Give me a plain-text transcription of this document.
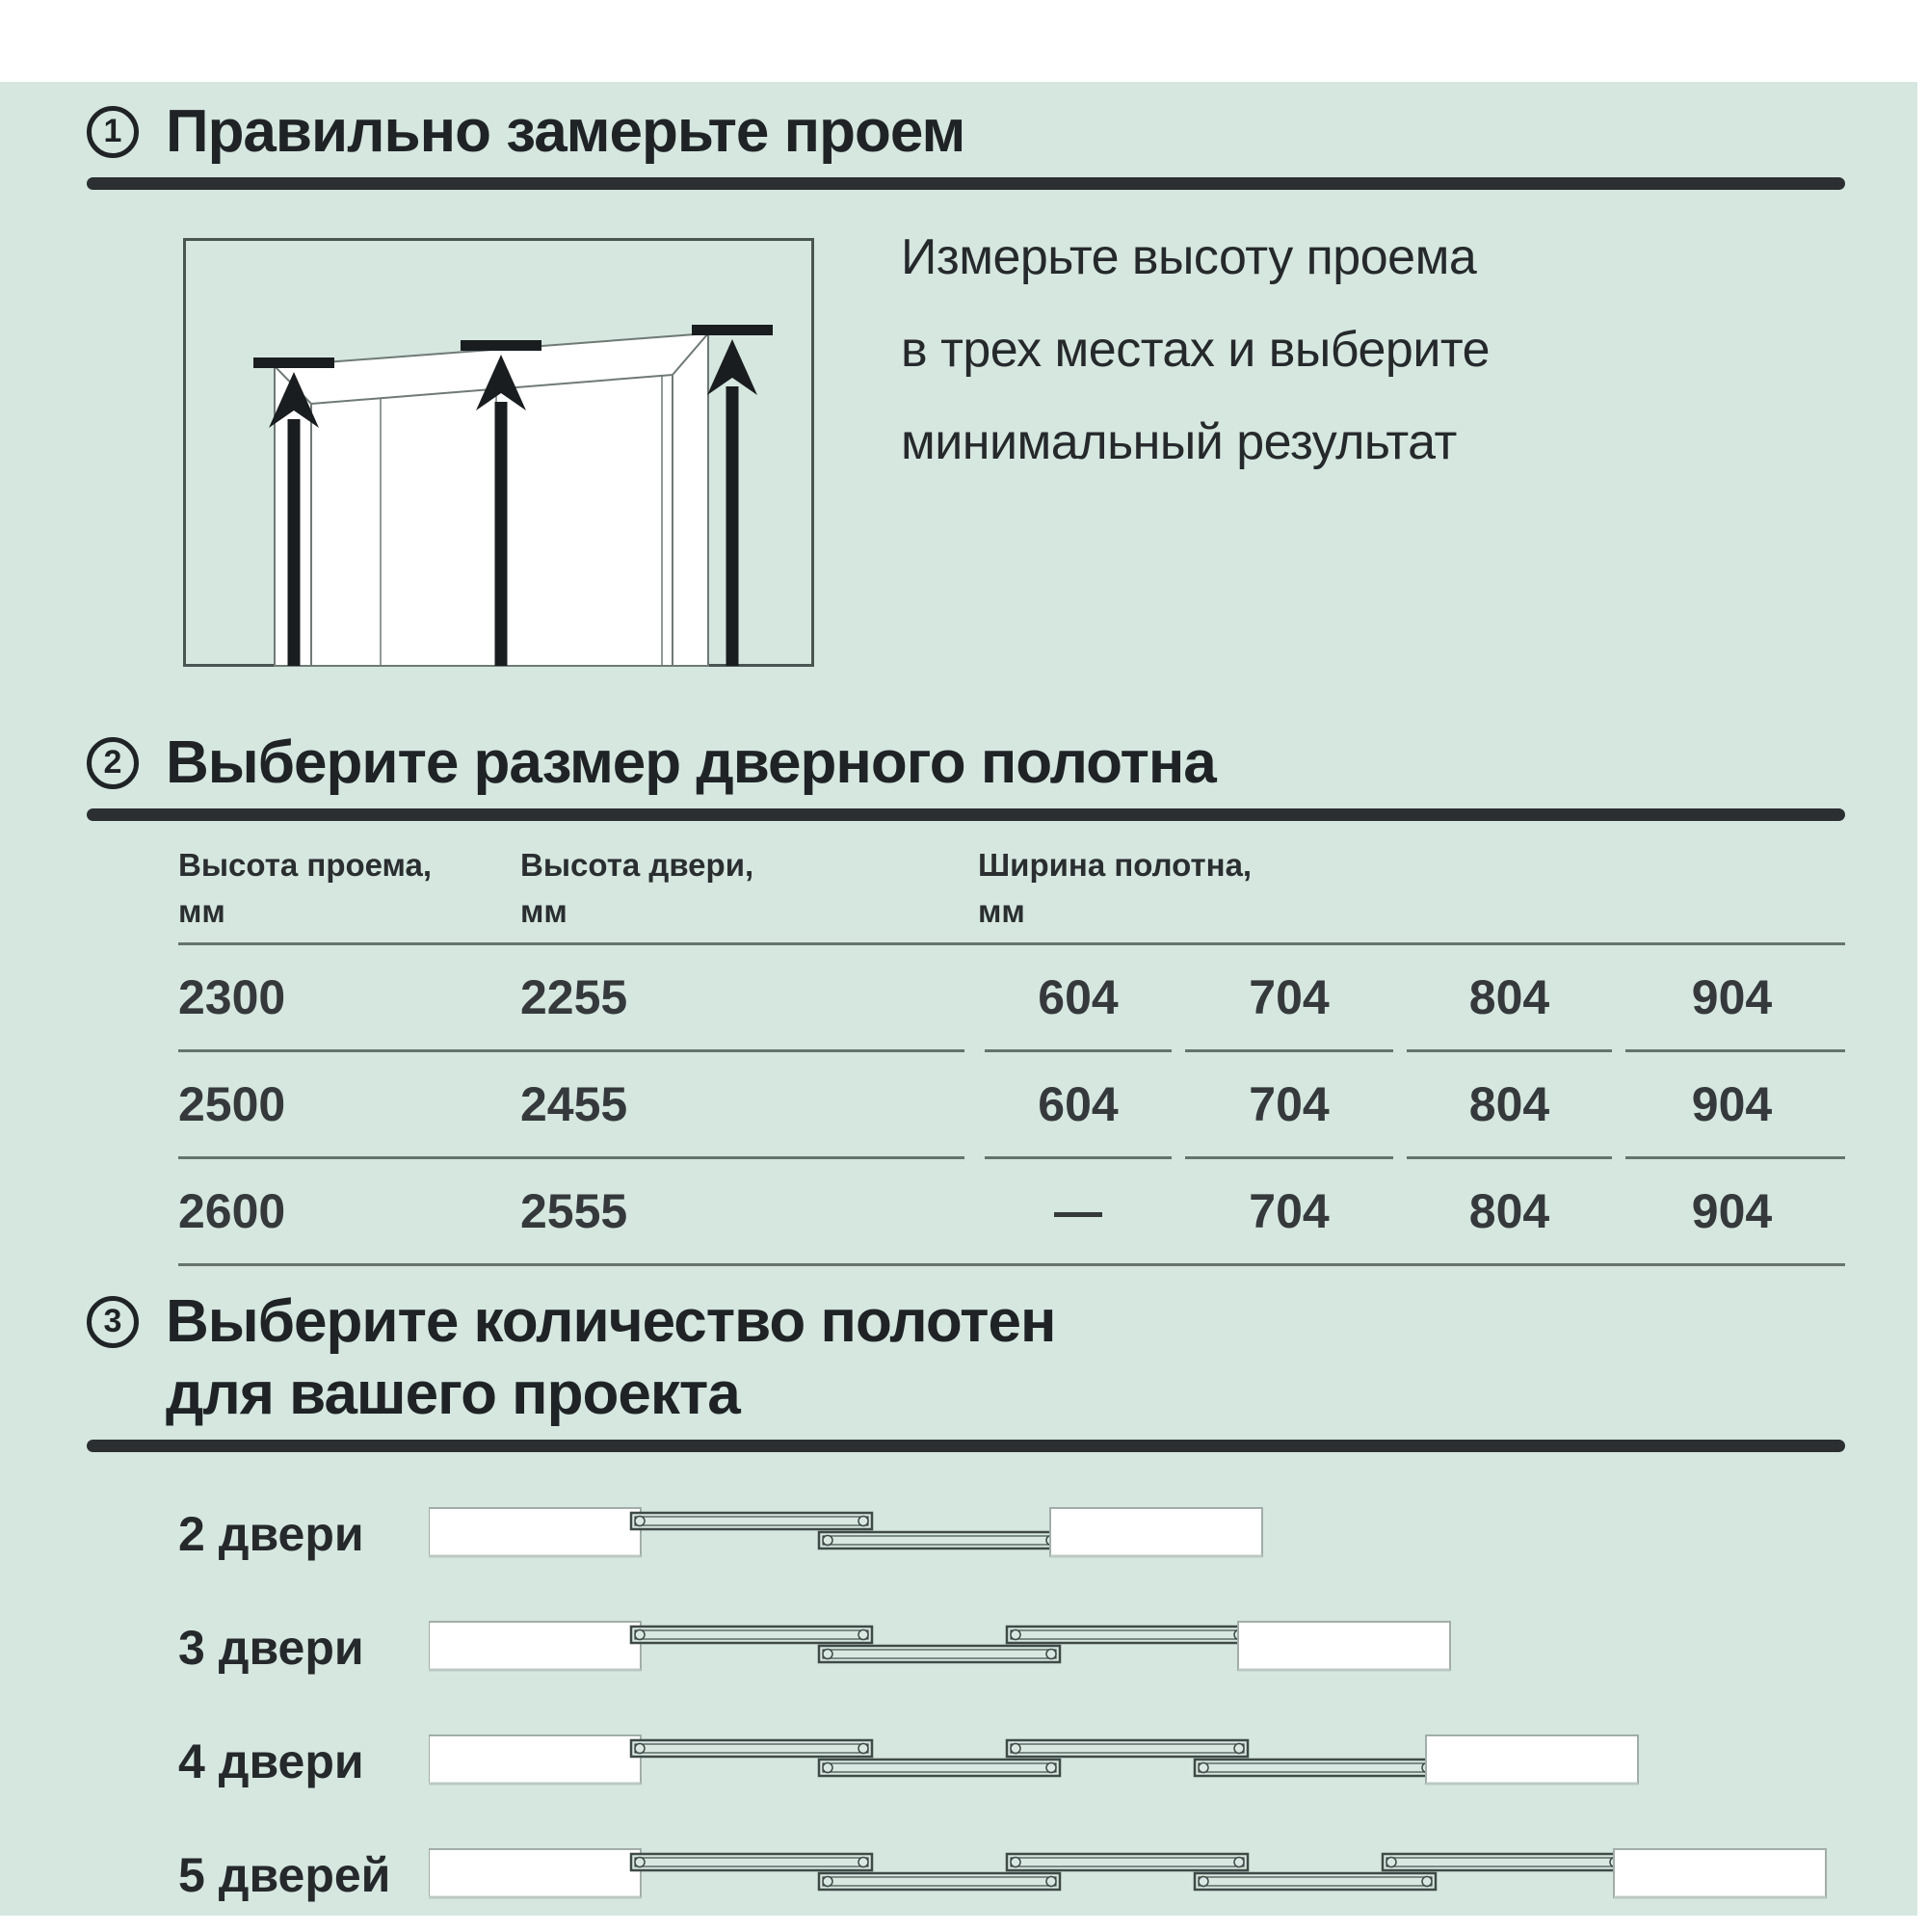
1 Правильно замерьте проем

Измерьте высоту проема

в трех местах и выберите

минимальный результат

2 Выберите размер дверного полотна
Высота проема,
мм
Высота двери,
мм
Ширина полотна,
мм
2300	2255	604	704	804	904
2500	2455	604	704	804	904
2600	2555	—	704	804	904
3 Выберите количество полотен
для вашего проекта
2 двери
3 двери
4 двери
5 дверей
